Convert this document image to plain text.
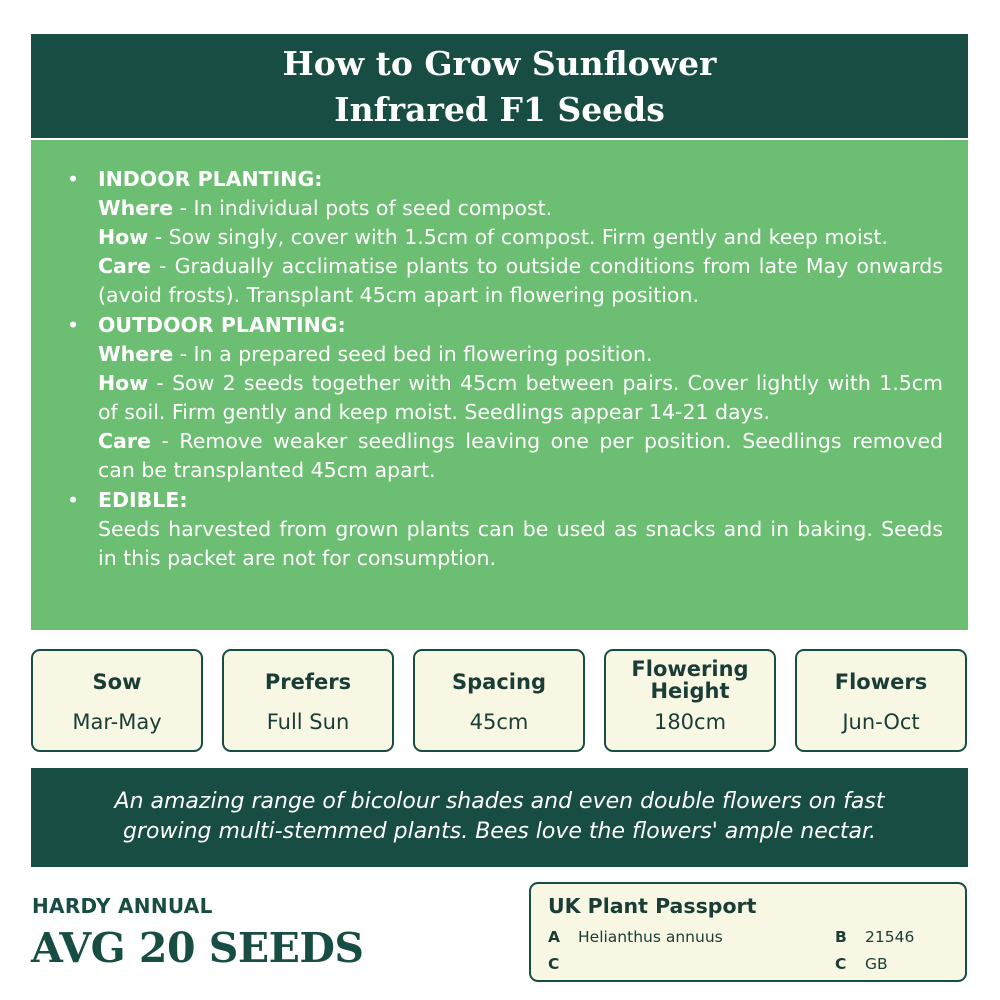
How to Grow Sunflower
Infrared F1 Seeds
• INDOOR PLANTING:
Where - In individual pots of seed compost.
How - Sow singly, cover with 1.5cm of compost. Firm gently and keep moist.
Care - Gradually acclimatise plants to outside conditions from late May onwards (avoid frosts). Transplant 45cm apart in flowering position.
• OUTDOOR PLANTING:
Where - In a prepared seed bed in flowering position.
How - Sow 2 seeds together with 45cm between pairs. Cover lightly with 1.5cm of soil. Firm gently and keep moist. Seedlings appear 14-21 days.
Care - Remove weaker seedlings leaving one per position. Seedlings removed can be transplanted 45cm apart.
• EDIBLE:
Seeds harvested from grown plants can be used as snacks and in baking. Seeds in this packet are not for consumption.
Sow
Mar-May
Prefers
Full Sun
Spacing
45cm
Flowering
Height
180cm
Flowers
Jun-Oct
An amazing range of bicolour shades and even double flowers on fast
growing multi-stemmed plants. Bees love the flowers' ample nectar.
HARDY ANNUAL
AVG 20 SEEDS
UK Plant Passport
A Helianthus annuus
C
B 21546
C GB
